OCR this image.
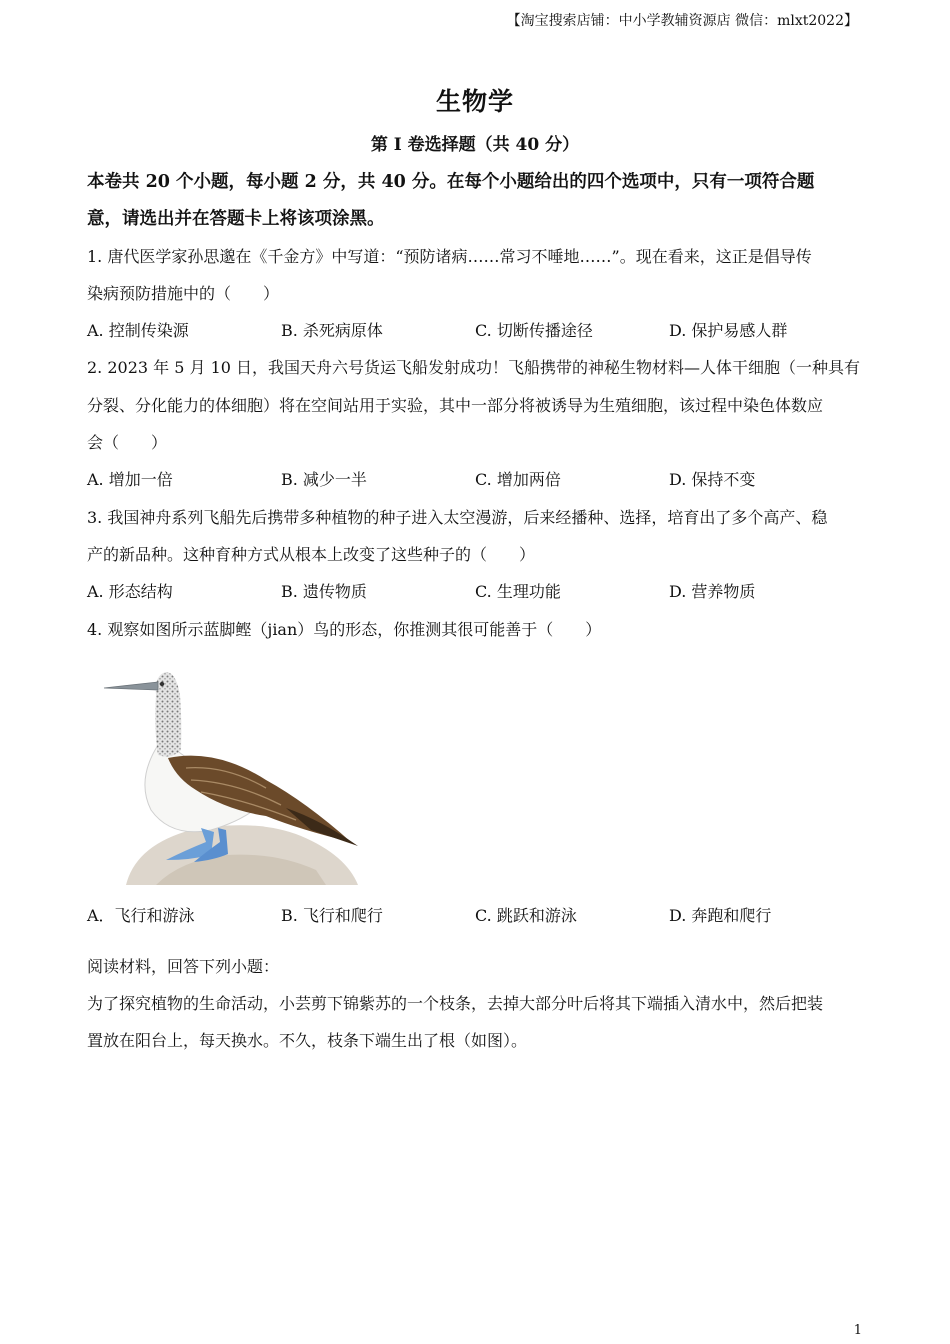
【淘宝搜索店铺：中小学教辅资源店 微信：mlxt2022】
生物学
第 I 卷选择题（共 40 分）
本卷共 20 个小题，每小题 2 分，共 40 分。在每个小题给出的四个选项中，只有一项符合题
意，请选出并在答题卡上将该项涂黑。
1. 唐代医学家孙思邈在《千金方》中写道：“预防诸病……常习不唾地……”。现在看来，这正是倡导传
染病预防措施中的（　　）
A. 控制传染源	B. 杀死病原体	C. 切断传播途径	D. 保护易感人群
2. 2023 年 5 月 10 日，我国天舟六号货运飞船发射成功！飞船携带的神秘生物材料—人体干细胞（一种具有
分裂、分化能力的体细胞）将在空间站用于实验，其中一部分将被诱导为生殖细胞，该过程中染色体数应
会（　　）
A. 增加一倍	B. 减少一半	C. 增加两倍	D. 保持不变
3. 我国神舟系列飞船先后携带多种植物的种子进入太空漫游，后来经播种、选择，培育出了多个高产、稳
产的新品种。这种育种方式从根本上改变了这些种子的（　　）
A. 形态结构	B. 遗传物质	C. 生理功能	D. 营养物质
4. 观察如图所示蓝脚鲣（jian）鸟的形态，你推测其很可能善于（　　）
A．飞行和游泳	B. 飞行和爬行	C. 跳跃和游泳	D. 奔跑和爬行
阅读材料，回答下列小题：
为了探究植物的生命活动，小芸剪下锦紫苏的一个枝条，去掉大部分叶后将其下端插入清水中，然后把装
置放在阳台上，每天换水。不久，枝条下端生出了根（如图）。
1
